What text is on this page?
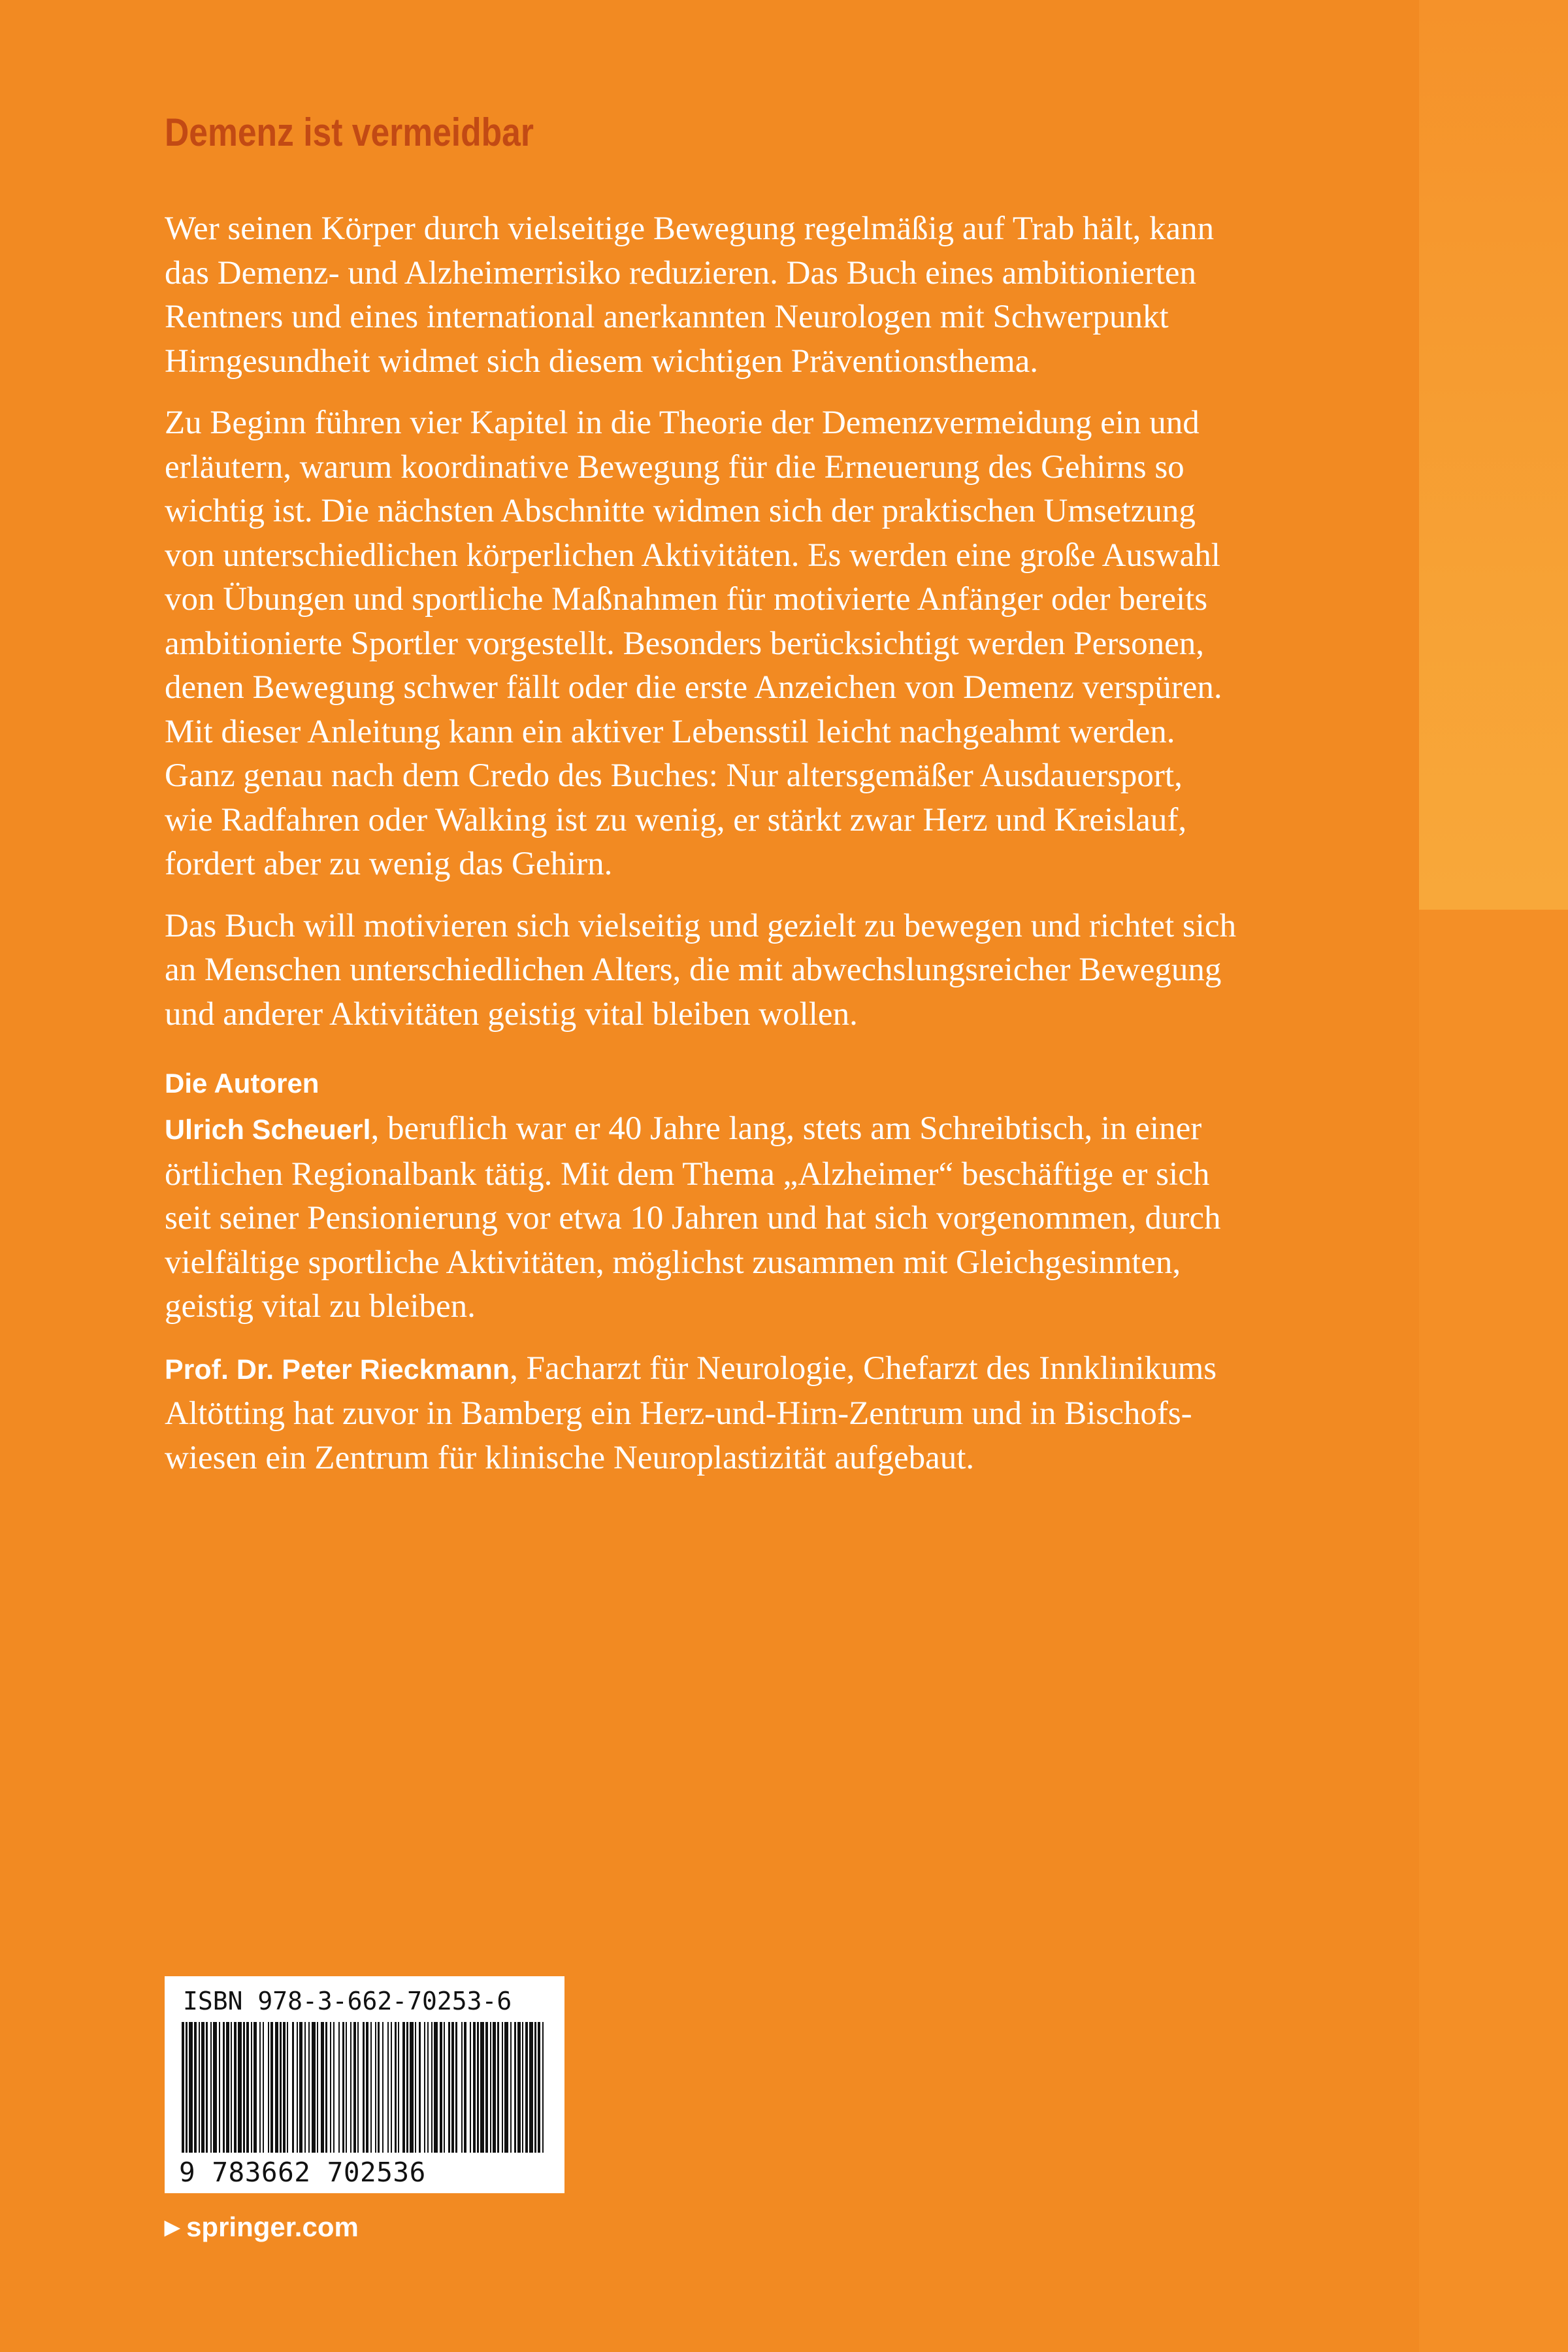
Demenz ist vermeidbar
Wer seinen Körper durch vielseitige Bewegung regelmäßig auf Trab hält, kann
das Demenz- und Alzheimerrisiko reduzieren. Das Buch eines ambitionierten
Rentners und eines international anerkannten Neurologen mit Schwerpunkt
Hirngesundheit widmet sich diesem wichtigen Präventionsthema.
Zu Beginn führen vier Kapitel in die Theorie der Demenzvermeidung ein und
erläutern, warum koordinative Bewegung für die Erneuerung des Gehirns so
wichtig ist. Die nächsten Abschnitte widmen sich der praktischen Umsetzung
von unterschiedlichen körperlichen Aktivitäten. Es werden eine große Auswahl
von Übungen und sportliche Maßnahmen für motivierte Anfänger oder bereits
ambitionierte Sportler vorgestellt. Besonders berücksichtigt werden Personen,
denen Bewegung schwer fällt oder die erste Anzeichen von Demenz verspüren.
Mit dieser Anleitung kann ein aktiver Lebensstil leicht nachgeahmt werden.
Ganz genau nach dem Credo des Buches: Nur altersgemäßer Ausdauersport,
wie Radfahren oder Walking ist zu wenig, er stärkt zwar Herz und Kreislauf,
fordert aber zu wenig das Gehirn.
Das Buch will motivieren sich vielseitig und gezielt zu bewegen und richtet sich
an Menschen unterschiedlichen Alters, die mit abwechslungsreicher Bewegung
und anderer Aktivitäten geistig vital bleiben wollen.
Die Autoren
Ulrich Scheuerl, beruflich war er 40 Jahre lang, stets am Schreibtisch, in einer
örtlichen Regionalbank tätig. Mit dem Thema „Alzheimer“ beschäftige er sich
seit seiner Pensionierung vor etwa 10 Jahren und hat sich vorgenommen, durch
vielfältige sportliche Aktivitäten, möglichst zusammen mit Gleichgesinnten,
geistig vital zu bleiben.
Prof. Dr. Peter Rieckmann, Facharzt für Neurologie, Chefarzt des Innklinikums
Altötting hat zuvor in Bamberg ein Herz-und-Hirn-Zentrum und in Bischofs-
wiesen ein Zentrum für klinische Neuroplastizität aufgebaut.
ISBN 978-3-662-70253-6
9 783662 702536
▶ springer.com
